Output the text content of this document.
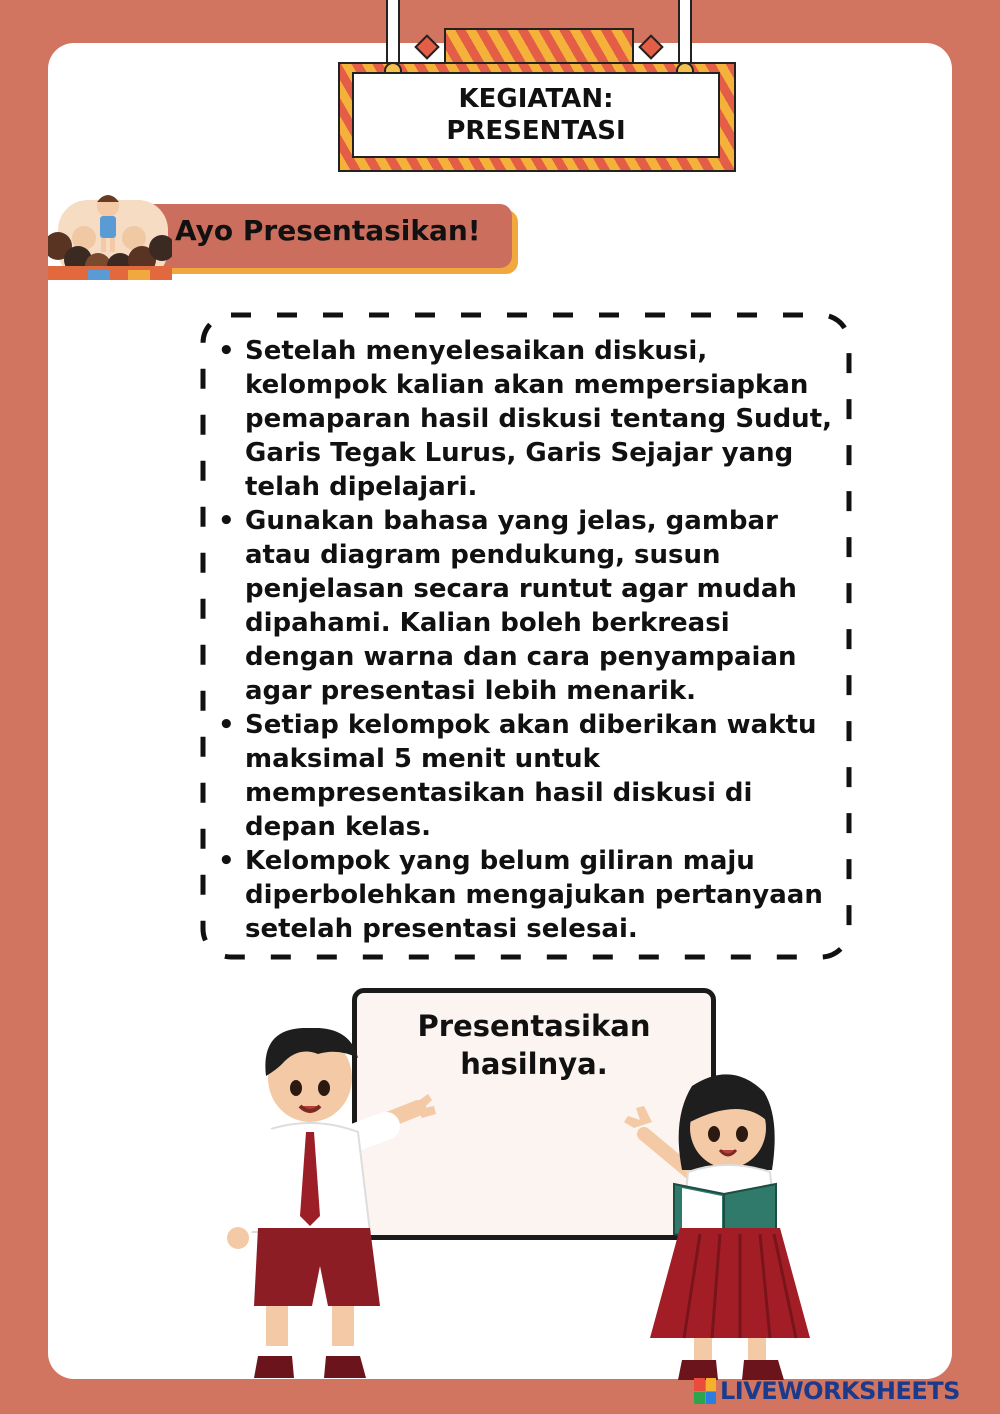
KEGIATAN:
PRESENTASI
Ayo Presentasikan!
• Setelah menyelesaikan diskusi, kelompok kalian akan mempersiapkan pemaparan hasil diskusi tentang Sudut, Garis Tegak Lurus, Garis Sejajar yang telah dipelajari.
• Gunakan bahasa yang jelas, gambar atau diagram pendukung, susun penjelasan secara runtut agar mudah dipahami. Kalian boleh berkreasi dengan warna dan cara penyampaian agar presentasi lebih menarik.
• Setiap kelompok akan diberikan waktu maksimal 5 menit untuk mempresentasikan hasil diskusi di depan kelas.
• Kelompok yang belum giliran maju diperbolehkan mengajukan pertanyaan setelah presentasi selesai.
Presentasikan
hasilnya.
LIVEWORKSHEETS
